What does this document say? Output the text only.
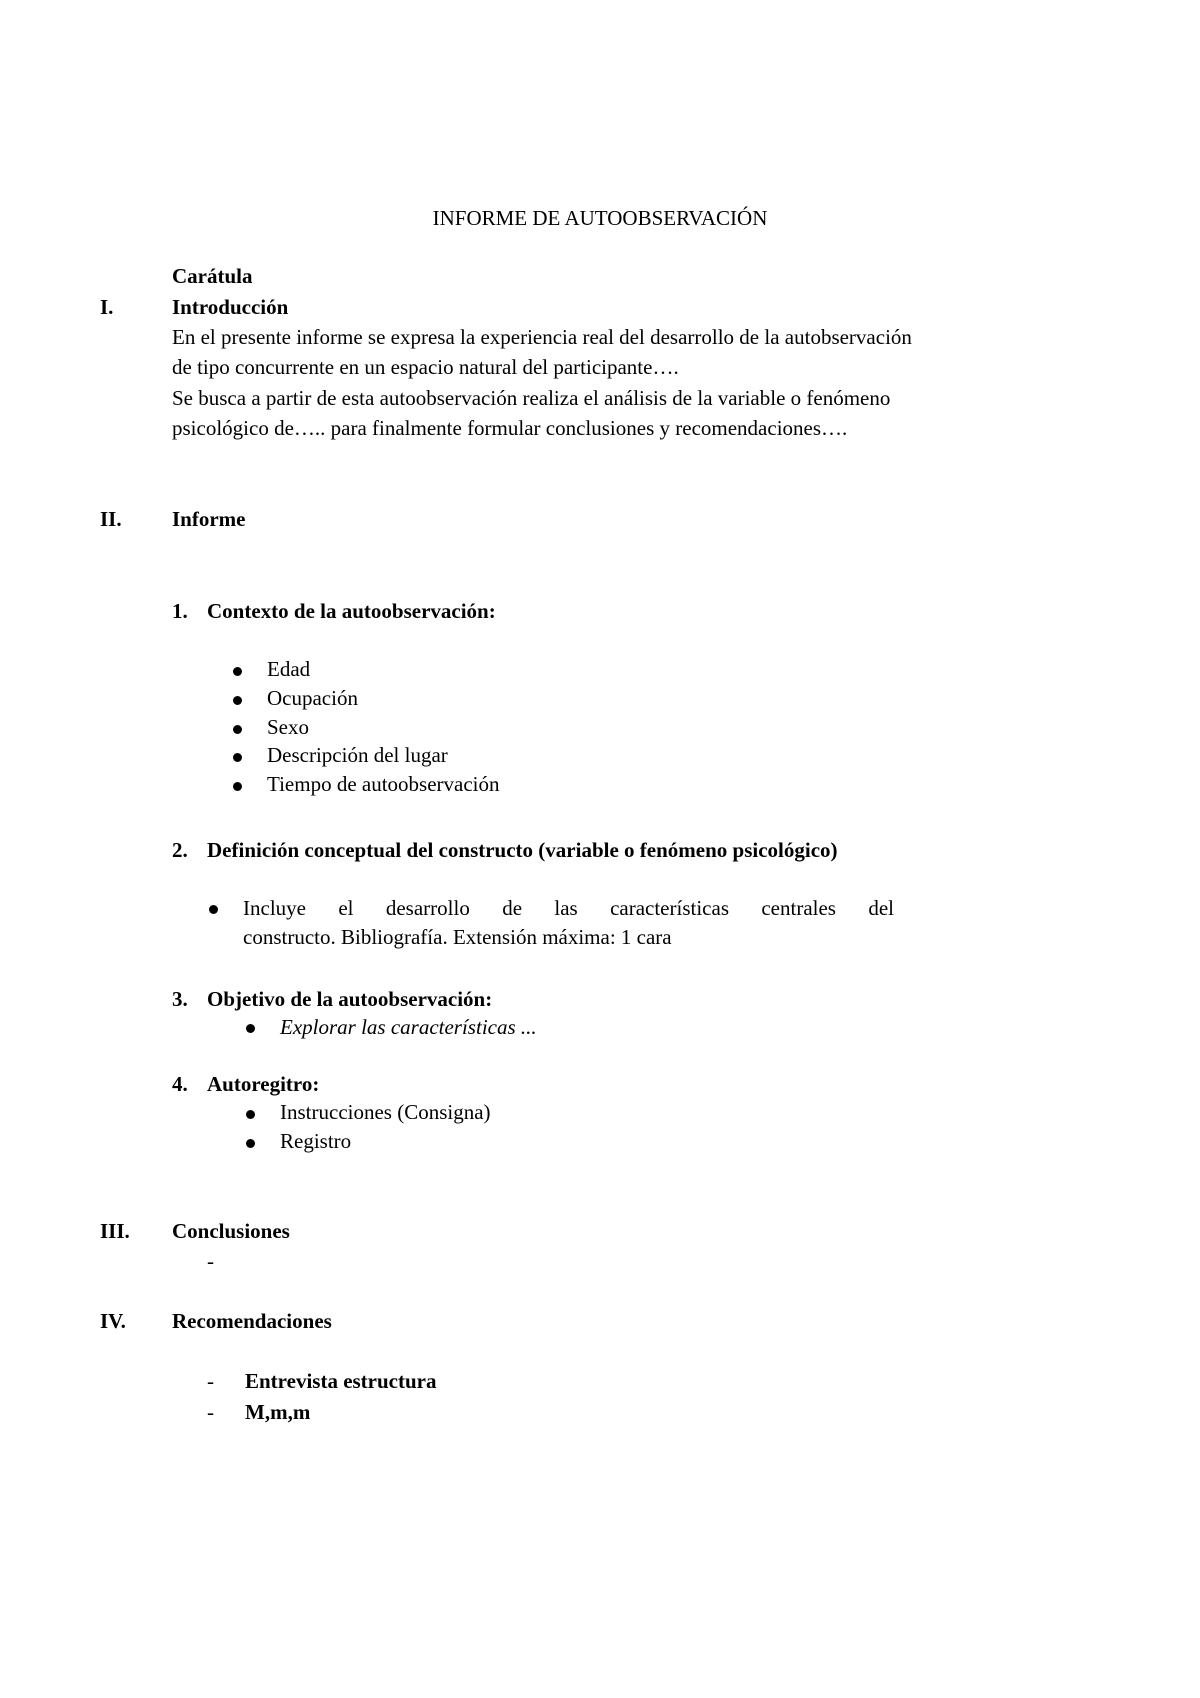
INFORME DE AUTOOBSERVACIÓN
Carátula
I.	Introducción
En el presente informe se expresa la experiencia real del desarrollo de la autobservación
de tipo concurrente en un espacio natural del participante….
Se busca a partir de esta autoobservación realiza el análisis de la variable o fenómeno
psicológico de….. para finalmente formular conclusiones y recomendaciones….
II. Informe
1. Contexto de la autoobservación:
Edad
Ocupación
Sexo
Descripción del lugar
Tiempo de autoobservación
2. Definición conceptual del constructo (variable o fenómeno psicológico)
Incluye el desarrollo de las características centrales del
constructo. Bibliografía. Extensión máxima: 1 cara
3. Objetivo de la autoobservación:
Explorar las características ...
4. Autoregitro:
Instrucciones (Consigna)
Registro
III. Conclusiones
-
IV. Recomendaciones
- Entrevista estructura
- M,m,m
